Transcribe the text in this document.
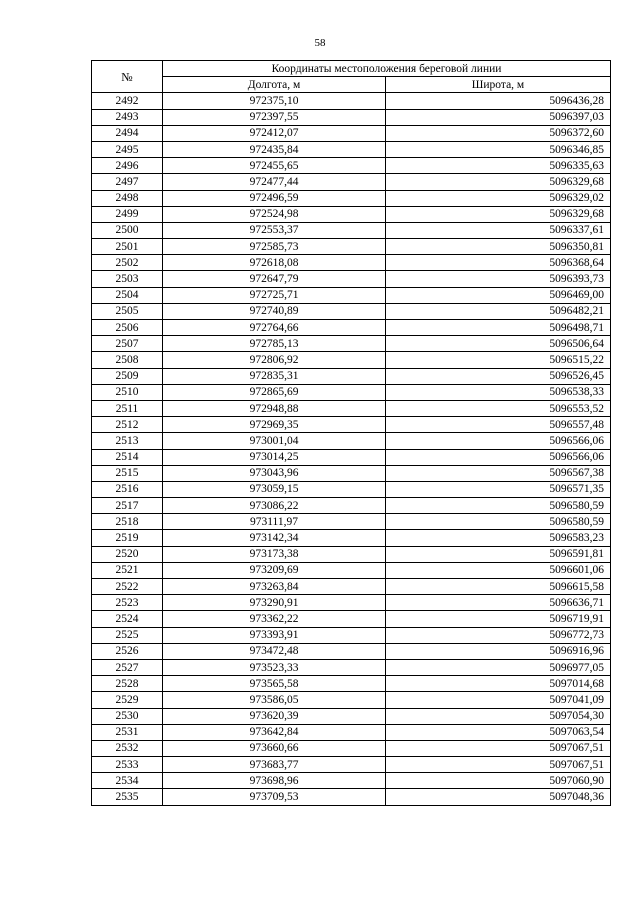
58
№	Координаты местоположения береговой линии	
	Долгота, м	Широта, м
2492	972375,10	5096436,28
2493	972397,55	5096397,03
2494	972412,07	5096372,60
2495	972435,84	5096346,85
2496	972455,65	5096335,63
2497	972477,44	5096329,68
2498	972496,59	5096329,02
2499	972524,98	5096329,68
2500	972553,37	5096337,61
2501	972585,73	5096350,81
2502	972618,08	5096368,64
2503	972647,79	5096393,73
2504	972725,71	5096469,00
2505	972740,89	5096482,21
2506	972764,66	5096498,71
2507	972785,13	5096506,64
2508	972806,92	5096515,22
2509	972835,31	5096526,45
2510	972865,69	5096538,33
2511	972948,88	5096553,52
2512	972969,35	5096557,48
2513	973001,04	5096566,06
2514	973014,25	5096566,06
2515	973043,96	5096567,38
2516	973059,15	5096571,35
2517	973086,22	5096580,59
2518	973111,97	5096580,59
2519	973142,34	5096583,23
2520	973173,38	5096591,81
2521	973209,69	5096601,06
2522	973263,84	5096615,58
2523	973290,91	5096636,71
2524	973362,22	5096719,91
2525	973393,91	5096772,73
2526	973472,48	5096916,96
2527	973523,33	5096977,05
2528	973565,58	5097014,68
2529	973586,05	5097041,09
2530	973620,39	5097054,30
2531	973642,84	5097063,54
2532	973660,66	5097067,51
2533	973683,77	5097067,51
2534	973698,96	5097060,90
2535	973709,53	5097048,36
